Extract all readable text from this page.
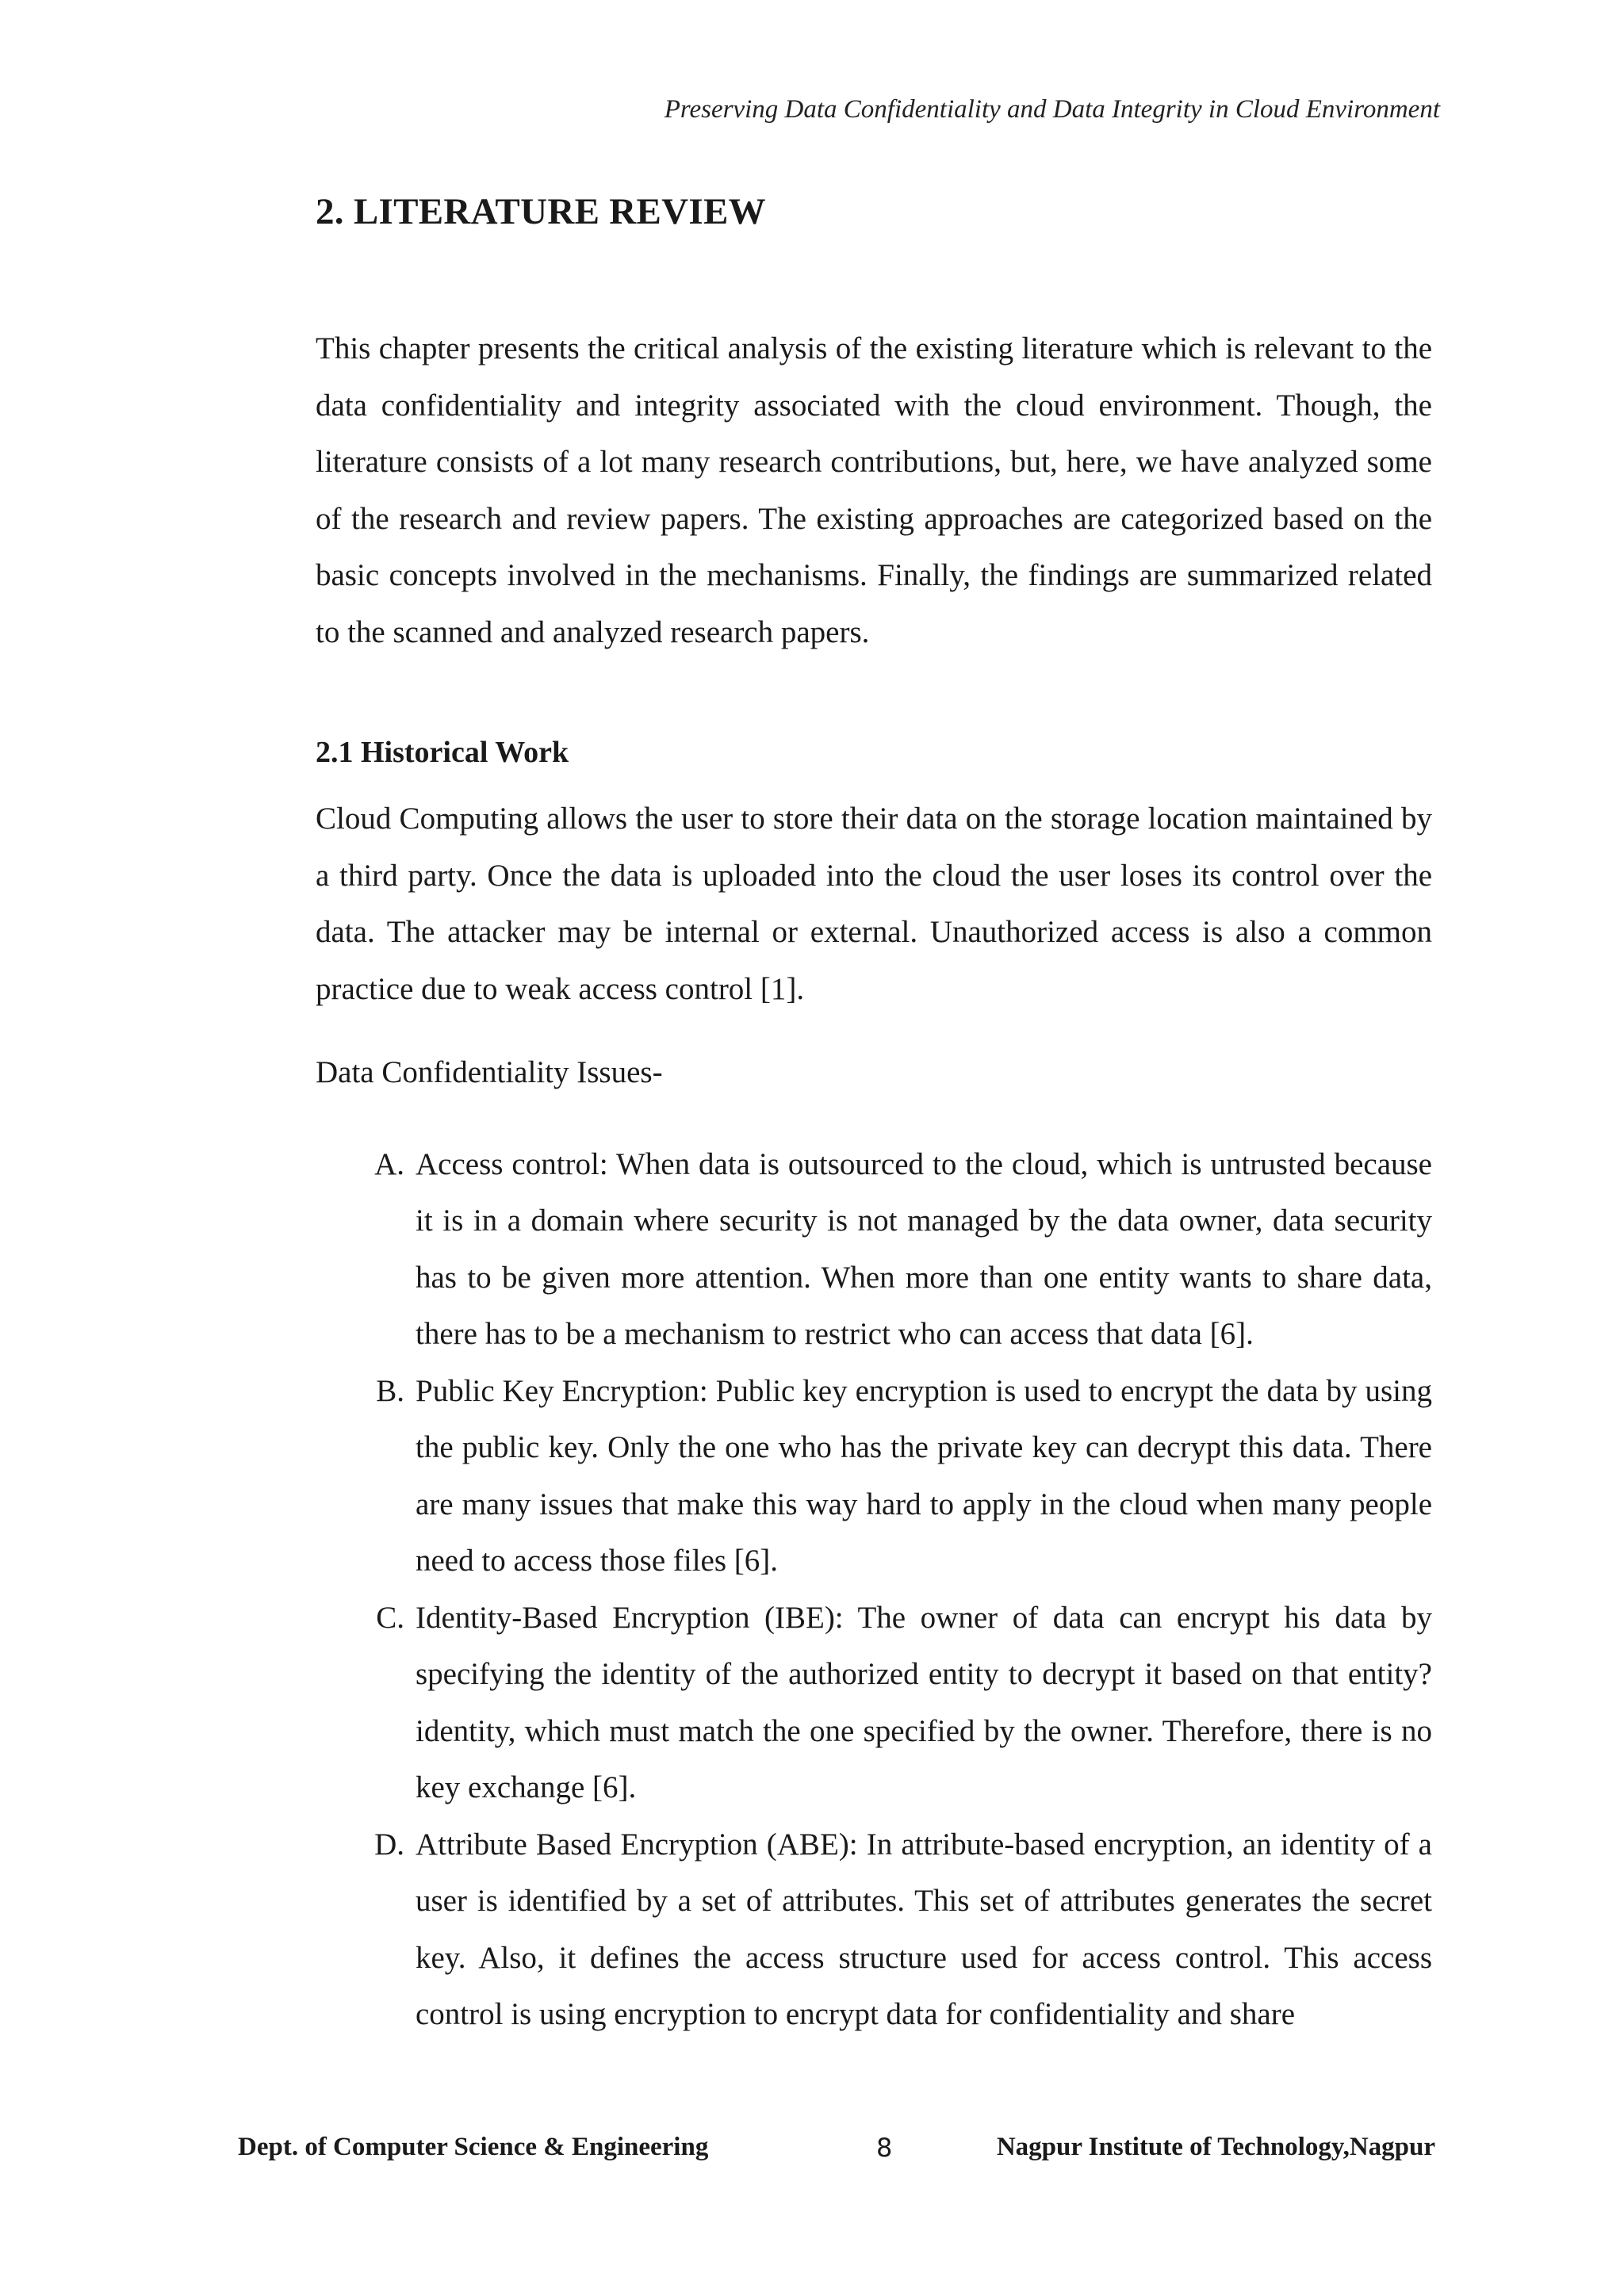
Preserving Data Confidentiality and Data Integrity in Cloud Environment
2. LITERATURE REVIEW

This chapter presents the critical analysis of the existing literature which is relevant to the data confidentiality and integrity associated with the cloud environment. Though, the literature consists of a lot many research contributions, but, here, we have analyzed some of the research and review papers. The existing approaches are categorized based on the basic concepts involved in the mechanisms. Finally, the findings are summarized related to the scanned and analyzed research papers.

2.1 Historical Work

Cloud Computing allows the user to store their data on the storage location maintained by a third party. Once the data is uploaded into the cloud the user loses its control over the data. The attacker may be internal or external. Unauthorized access is also a common practice due to weak access control [1].

Data Confidentiality Issues-

A. Access control: When data is outsourced to the cloud, which is untrusted because it is in a domain where security is not managed by the data owner, data security has to be given more attention. When more than one entity wants to share data, there has to be a mechanism to restrict who can access that data [6].
B. Public Key Encryption: Public key encryption is used to encrypt the data by using the public key. Only the one who has the private key can decrypt this data. There are many issues that make this way hard to apply in the cloud when many people need to access those files [6].
C. Identity-Based Encryption (IBE): The owner of data can encrypt his data by specifying the identity of the authorized entity to decrypt it based on that entity? identity, which must match the one specified by the owner. Therefore, there is no key exchange [6].
D. Attribute Based Encryption (ABE): In attribute-based encryption, an identity of a user is identified by a set of attributes. This set of attributes generates the secret key. Also, it defines the access structure used for access control. This access control is using encryption to encrypt data for confidentiality and share
Dept. of Computer Science & Engineering	8	Nagpur Institute of Technology,Nagpur
